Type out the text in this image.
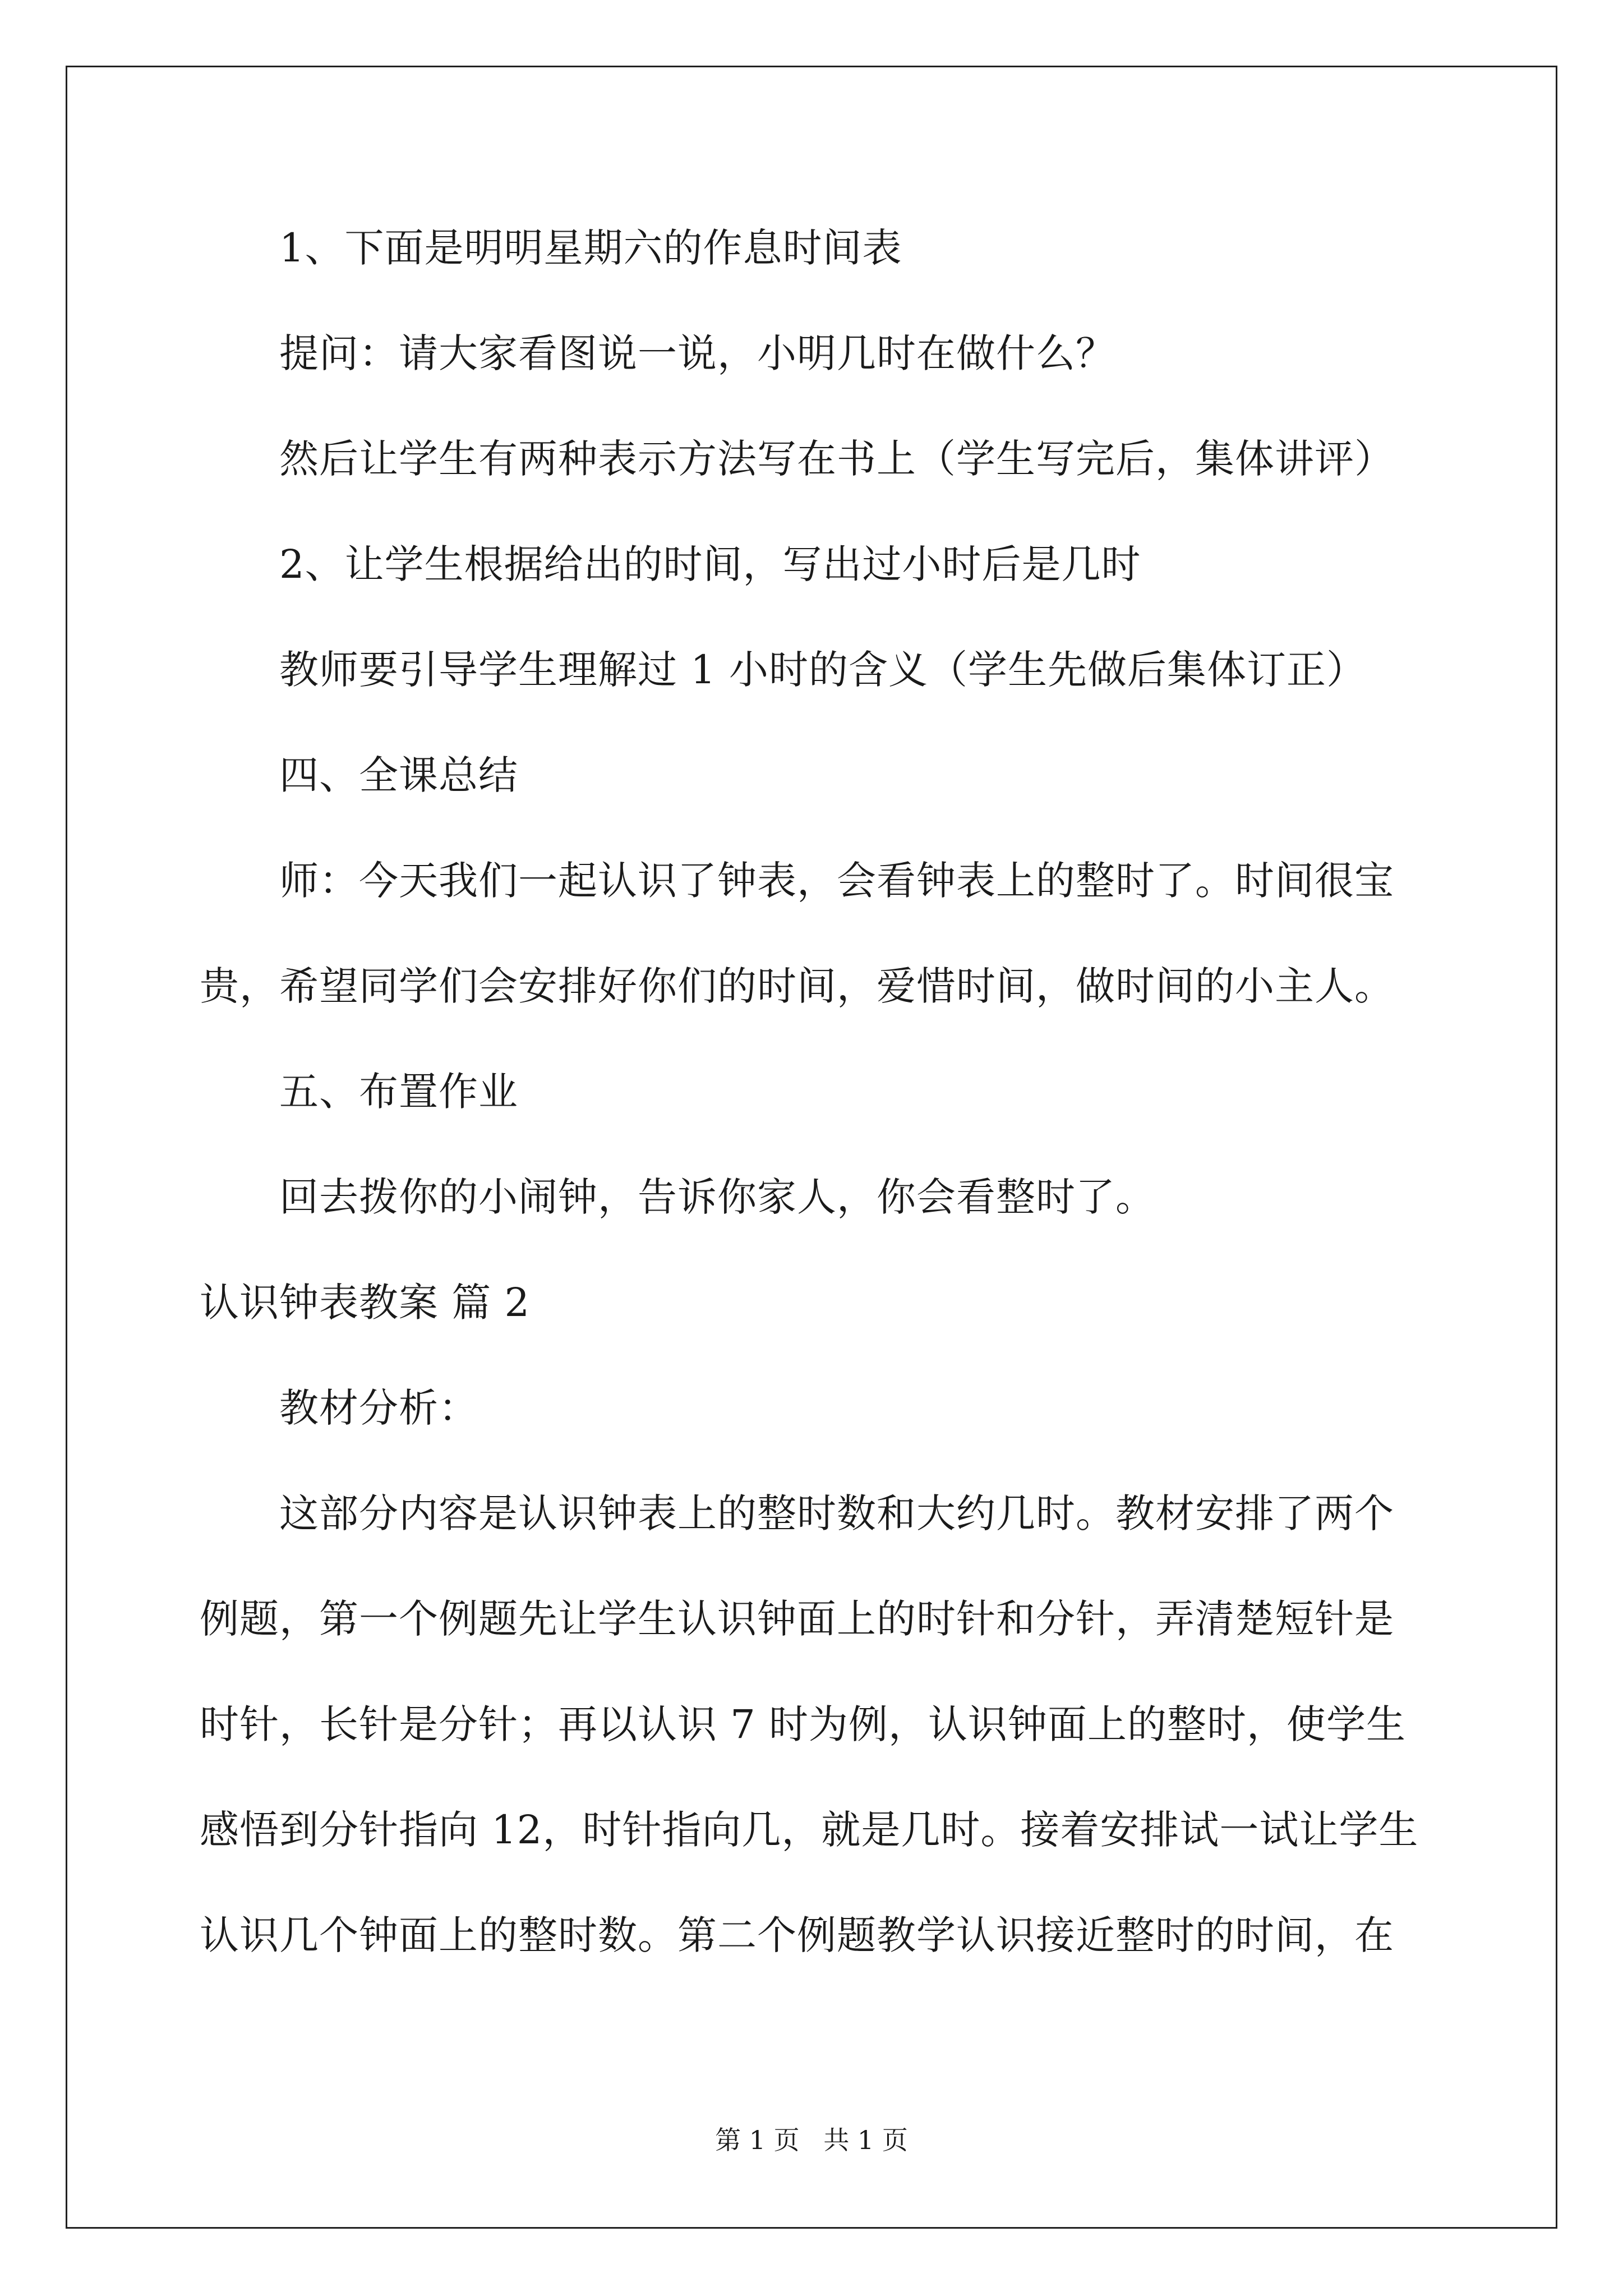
1、下面是明明星期六的作息时间表
提问：请大家看图说一说，小明几时在做什么？
然后让学生有两种表示方法写在书上（学生写完后，集体讲评）
2、让学生根据给出的时间，写出过小时后是几时
教师要引导学生理解过 1 小时的含义（学生先做后集体订正）
四、全课总结
师：今天我们一起认识了钟表，会看钟表上的整时了。时间很宝
贵，希望同学们会安排好你们的时间，爱惜时间，做时间的小主人。
五、布置作业
回去拨你的小闹钟，告诉你家人，你会看整时了。
认识钟表教案 篇 2
教材分析：
这部分内容是认识钟表上的整时数和大约几时。教材安排了两个
例题，第一个例题先让学生认识钟面上的时针和分针，弄清楚短针是
时针，长针是分针；再以认识 7 时为例，认识钟面上的整时，使学生
感悟到分针指向 12，时针指向几，就是几时。接着安排试一试让学生
认识几个钟面上的整时数。第二个例题教学认识接近整时的时间，在
第 1 页 共 1 页
